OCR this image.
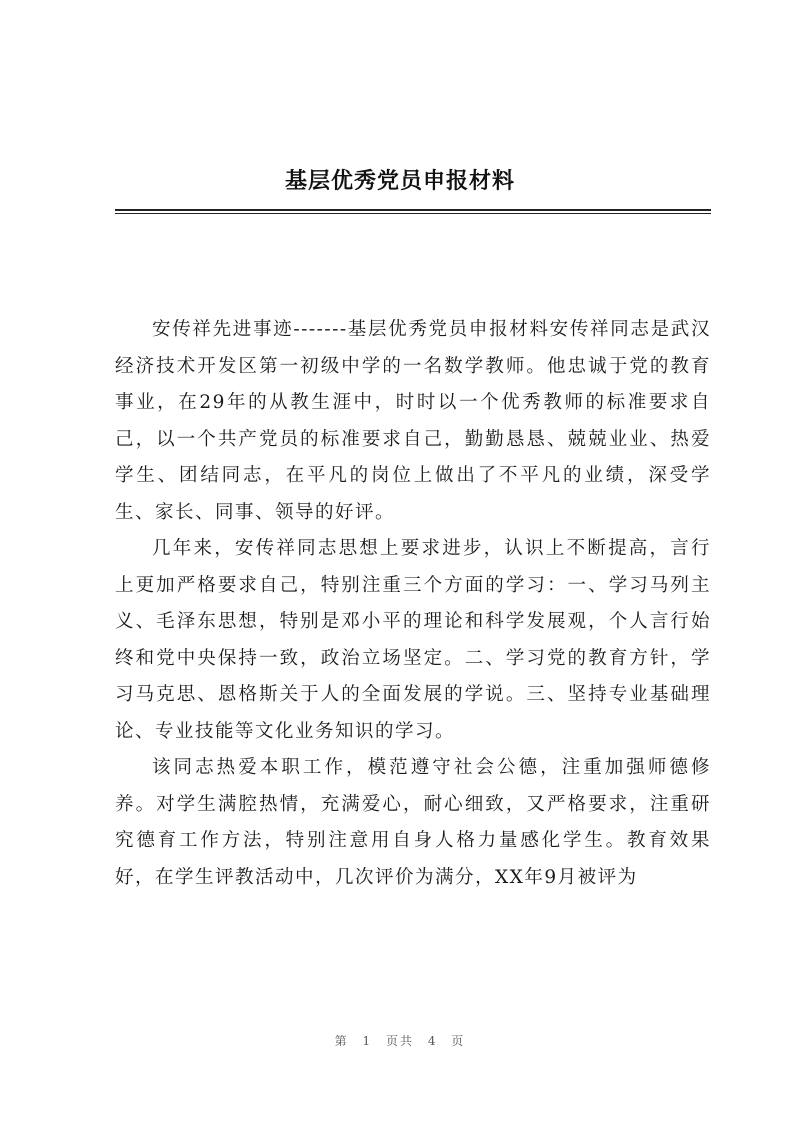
基层优秀党员申报材料

安传祥先进事迹-------基层优秀党员申报材料安传祥同志是武汉经济技术开发区第一初级中学的一名数学教师。他忠诚于党的教育事业，在29年的从教生涯中，时时以一个优秀教师的标准要求自己，以一个共产党员的标准要求自己，勤勤恳恳、兢兢业业、热爱学生、团结同志，在平凡的岗位上做出了不平凡的业绩，深受学生、家长、同事、领导的好评。

几年来，安传祥同志思想上要求进步，认识上不断提高，言行上更加严格要求自己，特别注重三个方面的学习：一、学习马列主义、毛泽东思想，特别是邓小平的理论和科学发展观，个人言行始终和党中央保持一致，政治立场坚定。二、学习党的教育方针，学习马克思、恩格斯关于人的全面发展的学说。三、坚持专业基础理论、专业技能等文化业务知识的学习。

该同志热爱本职工作，模范遵守社会公德，注重加强师德修养。对学生满腔热情，充满爱心，耐心细致，又严格要求，注重研究德育工作方法，特别注意用自身人格力量感化学生。教育效果好，在学生评教活动中，几次评价为满分，XX年9月被评为

第 1 页共 4 页
